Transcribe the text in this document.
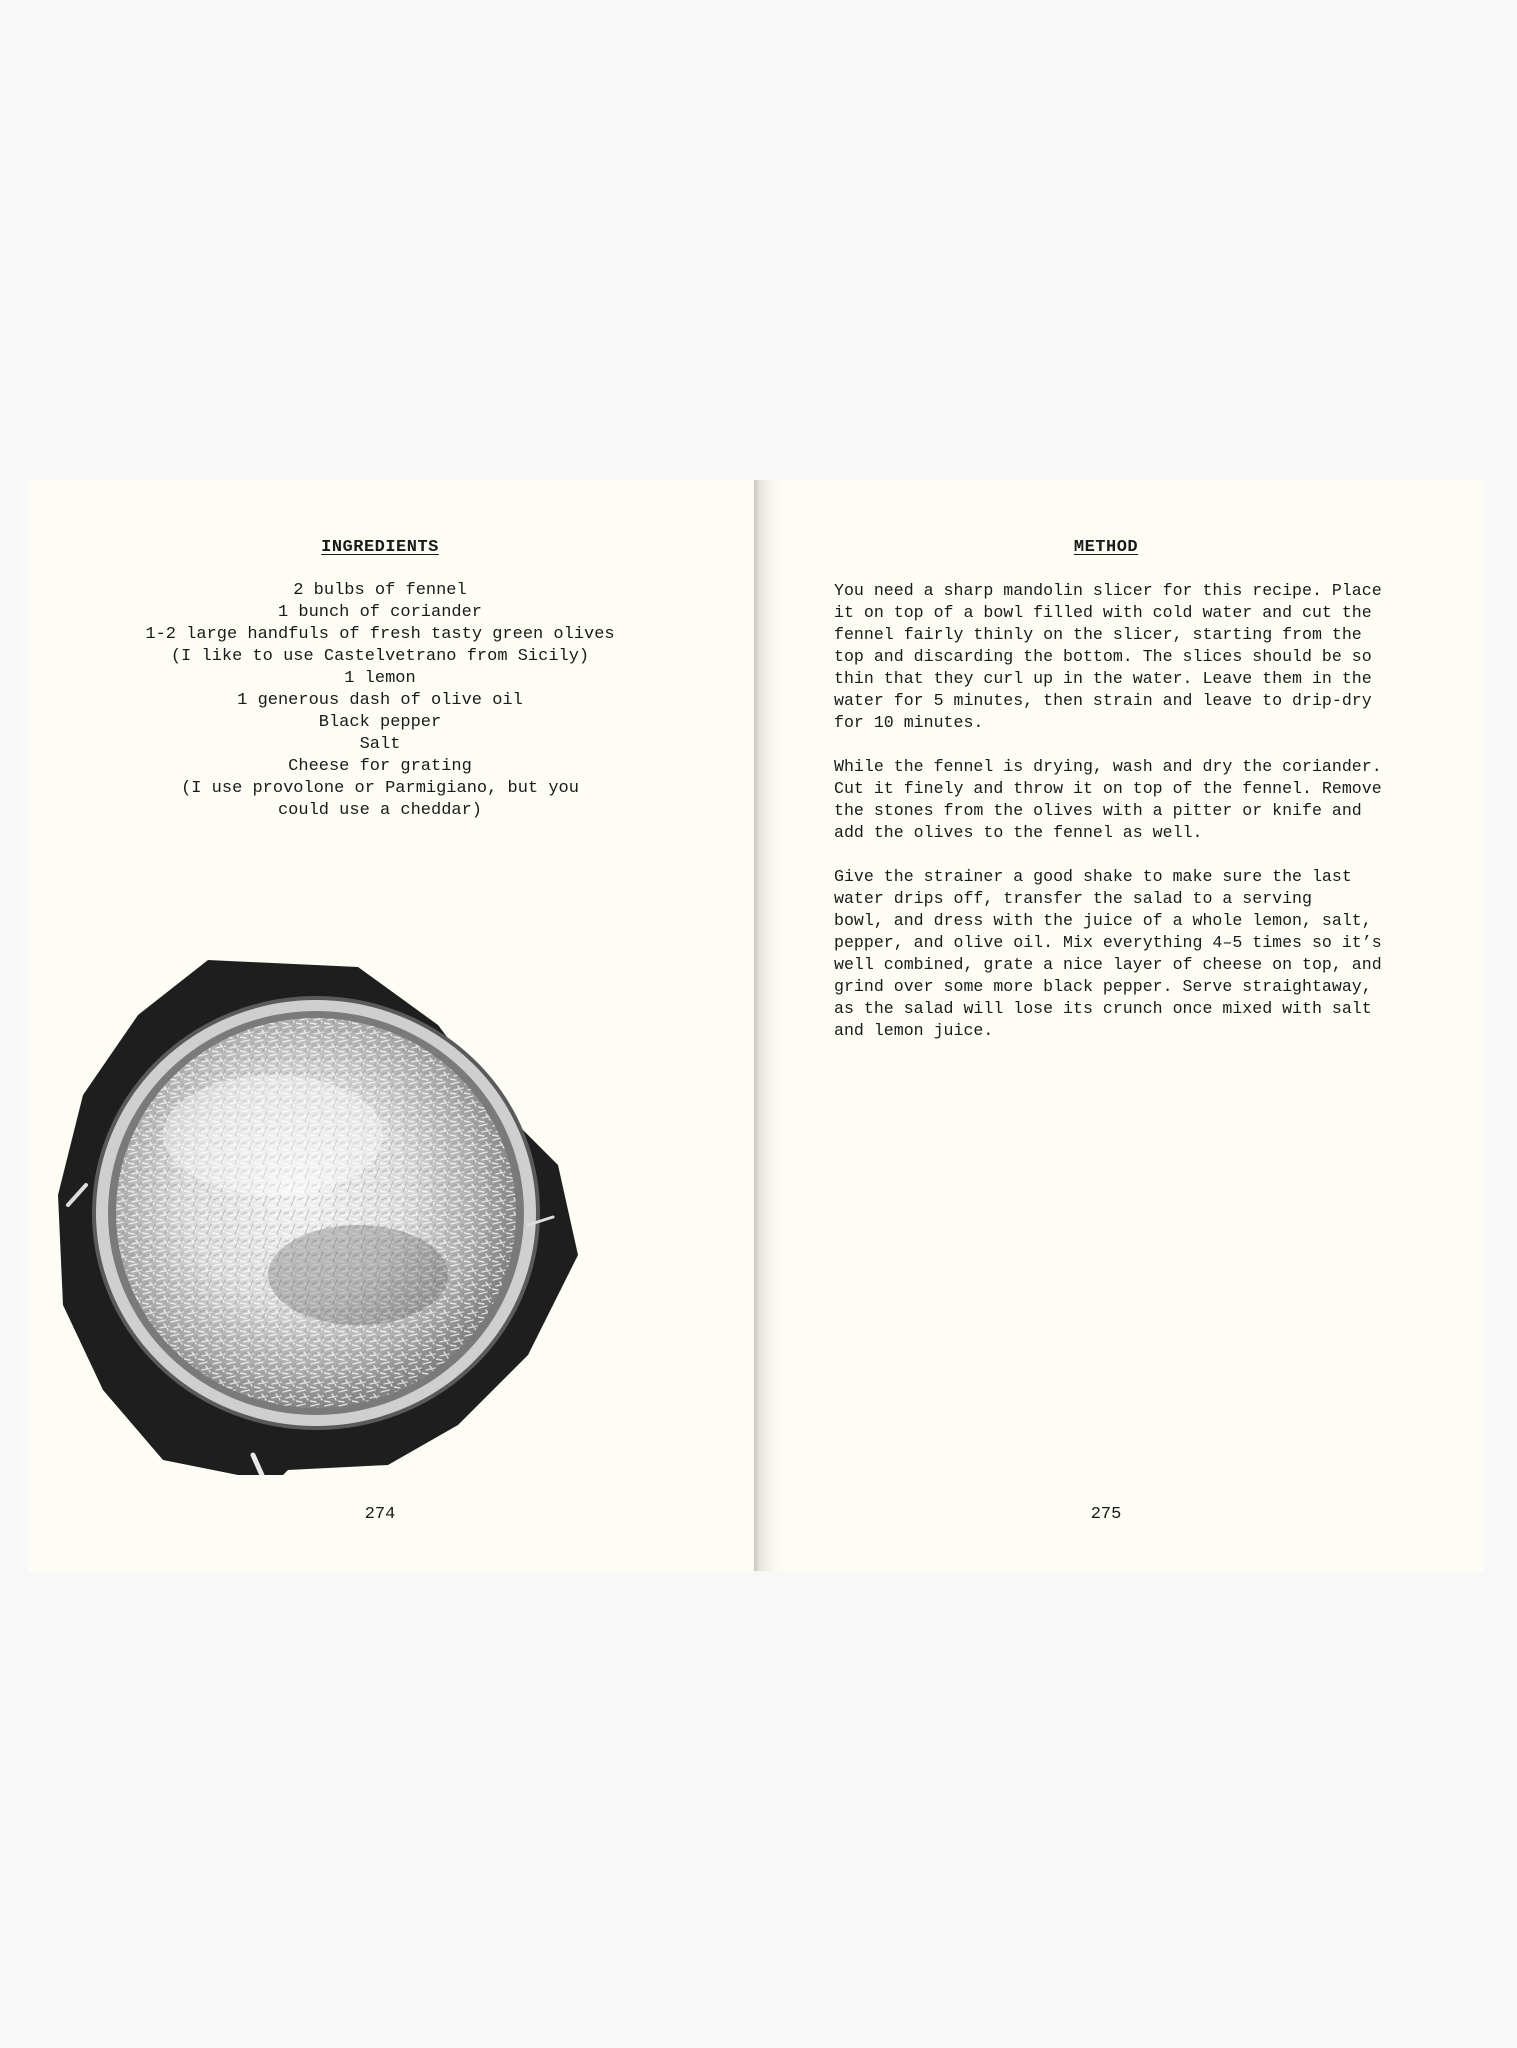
INGREDIENTS
2 bulbs of fennel
1 bunch of coriander
1-2 large handfuls of fresh tasty green olives
(I like to use Castelvetrano from Sicily)
1 lemon
1 generous dash of olive oil
Black pepper
Salt
Cheese for grating
(I use provolone or Parmigiano, but you
could use a cheddar)

274

METHOD

275

You need a sharp mandolin slicer for this recipe. Place
it on top of a bowl filled with cold water and cut the
fennel fairly thinly on the slicer, starting from the
top and discarding the bottom. The slices should be so
thin that they curl up in the water. Leave them in the
water for 5 minutes, then strain and leave to drip-dry
for 10 minutes.

While the fennel is drying, wash and dry the coriander.
Cut it finely and throw it on top of the fennel. Remove
the stones from the olives with a pitter or knife and
add the olives to the fennel as well.

Give the strainer a good shake to make sure the last
water drips off, transfer the salad to a serving
bowl, and dress with the juice of a whole lemon, salt,
pepper, and olive oil. Mix everything 4–5 times so it’s
well combined, grate a nice layer of cheese on top, and
grind over some more black pepper. Serve straightaway,
as the salad will lose its crunch once mixed with salt
and lemon juice.
